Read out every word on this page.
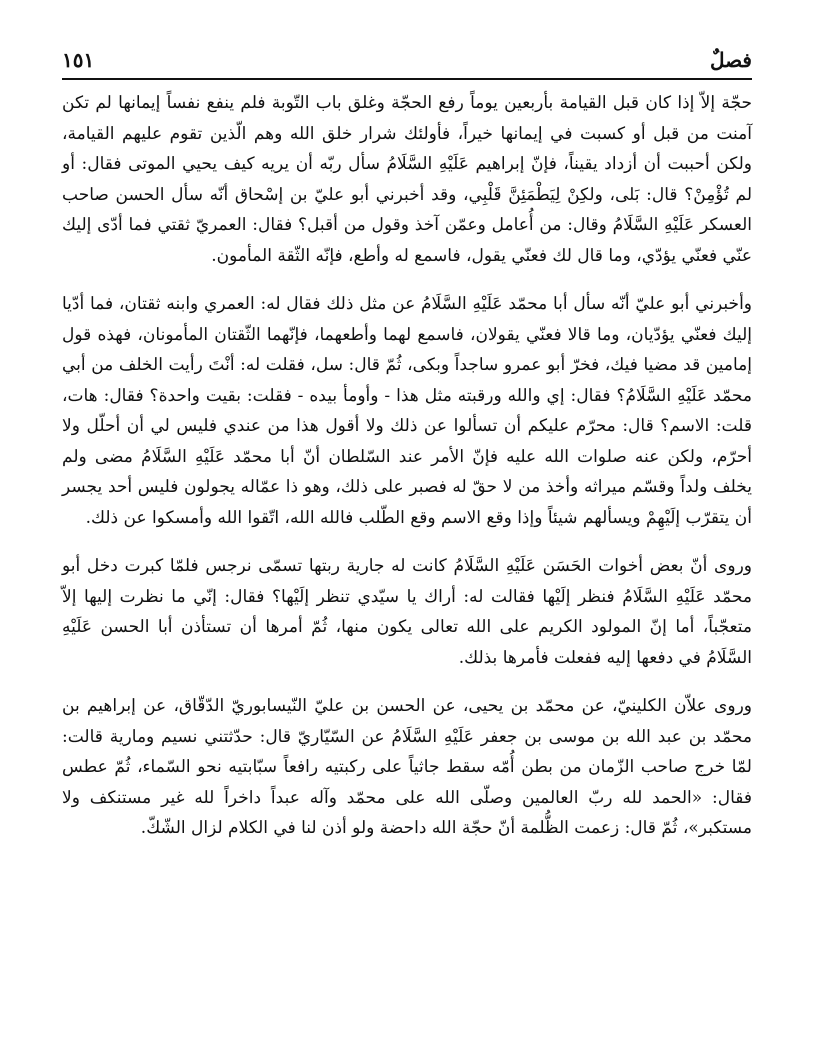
١٥١	فصلٌ

حجّة إلاّ إذا كان قبل القيامة بأربعين يوماً رفع الحجّة وغلق باب التّوبة فلم ينفع نفساً إيمانها لم تكن آمنت من قبل أو كسبت في إيمانها خيراً، فأولئك شرار خلق الله وهم الّذين تقوم عليهم القيامة، ولكن أحببت أن أزداد يقيناً، فإنّ إبراهيم عَلَيْهِ السَّلَامُ سأل ربّه أن يريه كيف يحيي الموتى فقال: أو لم تُؤْمِنْ؟ قال: بَلى، ولكِنْ لِيَطْمَئِنَّ قَلْبِي، وقد أخبرني أبو عليّ بن إسْحاق أنّه سأل الحسن صاحب العسكر عَلَيْهِ السَّلَامُ وقال: من أُعامل وعمّن آخذ وقول من أقبل؟ فقال: العمريّ ثقتي فما أدّى إليك عنّي فعنّي يؤدّي، وما قال لك فعنّي يقول، فاسمع له وأطع، فإنّه الثّقة المأمون.

وأخبرني أبو عليّ أنّه سأل أبا محمّد عَلَيْهِ السَّلَامُ عن مثل ذلك فقال له: العمري وابنه ثقتان، فما أدّيا إليك فعنّي يؤدّيان، وما قالا فعنّي يقولان، فاسمع لهما وأطعهما، فإنّهما الثّقتان المأمونان، فهذه قول إمامين قد مضيا فيك، فخرّ أبو عمرو ساجداً وبكى، ثُمّ قال: سل، فقلت له: أنْتَ رأيت الخلف من أبي محمّد عَلَيْهِ السَّلَامُ؟ فقال: إي والله ورقبته مثل هذا - وأومأ بيده - فقلت: بقيت واحدة؟ فقال: هات، قلت: الاسم؟ قال: محرّم عليكم أن تسألوا عن ذلك ولا أقول هذا من عندي فليس لي أن أحلّل ولا أحرّم، ولكن عنه صلوات الله عليه فإنّ الأمر عند السّلطان أنّ أبا محمّد عَلَيْهِ السَّلَامُ مضى ولم يخلف ولداً وقسّم ميراثه وأخذ من لا حقّ له فصبر على ذلك، وهو ذا عمّاله يجولون فليس أحد يجسر أن يتقرّب إلَيْهِمْ ويسألهم شيئاً وإذا وقع الاسم وقع الطّلب فالله الله، اتّقوا الله وأمسكوا عن ذلك.

وروى أنّ بعض أخوات الحَسَن عَلَيْهِ السَّلَامُ كانت له جارية ربتها تسمّى نرجس فلمّا كبرت دخل أبو محمّد عَلَيْهِ السَّلَامُ فنظر إلَيْها فقالت له: أراك يا سيّدي تنظر إلَيْها؟ فقال: إنّي ما نظرت إليها إلاّ متعجّباً، أما إنّ المولود الكريم على الله تعالى يكون منها، ثُمّ أمرها أن تستأذن أبا الحسن عَلَيْهِ السَّلَامُ في دفعها إليه ففعلت فأمرها بذلك.

وروى علاّن الكلينيّ، عن محمّد بن يحيى، عن الحسن بن عليّ النّيسابوريّ الدّقّاق، عن إبراهيم بن محمّد بن عبد الله بن موسى بن جعفر عَلَيْهِ السَّلَامُ عن السّيّاريّ قال: حدّثتني نسيم ومارية قالت: لمّا خرج صاحب الزّمان من بطن أُمّه سقط جاثياً على ركبتيه رافعاً سبّابتيه نحو السّماء، ثُمّ عطس فقال: «الحمد لله ربّ العالمين وصلّى الله على محمّد وآله عبداً داخراً لله غير مستنكف ولا مستكبر»، ثُمّ قال: زعمت الظُّلمة أنّ حجّة الله داحضة ولو أذن لنا في الكلام لزال الشّكّ.
